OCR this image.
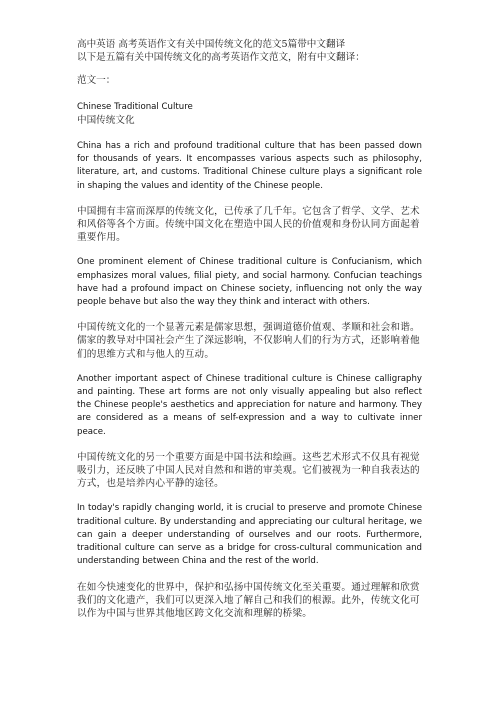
高中英语 高考英语作文有关中国传统文化的范文5篇带中文翻译

以下是五篇有关中国传统文化的高考英语作文范文，附有中文翻译：

范文一：

Chinese Traditional Culture

中国传统文化

China has a rich and profound traditional culture that has been passed down for thousands of years. It encompasses various aspects such as philosophy, literature, art, and customs. Traditional Chinese culture plays a significant role in shaping the values and identity of the Chinese people.

中国拥有丰富而深厚的传统文化，已传承了几千年。它包含了哲学、文学、艺术和风俗等各个方面。传统中国文化在塑造中国人民的价值观和身份认同方面起着重要作用。

One prominent element of Chinese traditional culture is Confucianism, which emphasizes moral values, filial piety, and social harmony. Confucian teachings have had a profound impact on Chinese society, influencing not only the way people behave but also the way they think and interact with others.

中国传统文化的一个显著元素是儒家思想，强调道德价值观、孝顺和社会和谐。儒家的教导对中国社会产生了深远影响，不仅影响人们的行为方式，还影响着他们的思维方式和与他人的互动。

Another important aspect of Chinese traditional culture is Chinese calligraphy and painting. These art forms are not only visually appealing but also reflect the Chinese people's aesthetics and appreciation for nature and harmony. They are considered as a means of self-expression and a way to cultivate inner peace.

中国传统文化的另一个重要方面是中国书法和绘画。这些艺术形式不仅具有视觉吸引力，还反映了中国人民对自然和和谐的审美观。它们被视为一种自我表达的方式，也是培养内心平静的途径。

In today's rapidly changing world, it is crucial to preserve and promote Chinese traditional culture. By understanding and appreciating our cultural heritage, we can gain a deeper understanding of ourselves and our roots. Furthermore, traditional culture can serve as a bridge for cross-cultural communication and understanding between China and the rest of the world.

在如今快速变化的世界中，保护和弘扬中国传统文化至关重要。通过理解和欣赏我们的文化遗产，我们可以更深入地了解自己和我们的根源。此外，传统文化可以作为中国与世界其他地区跨文化交流和理解的桥梁。
